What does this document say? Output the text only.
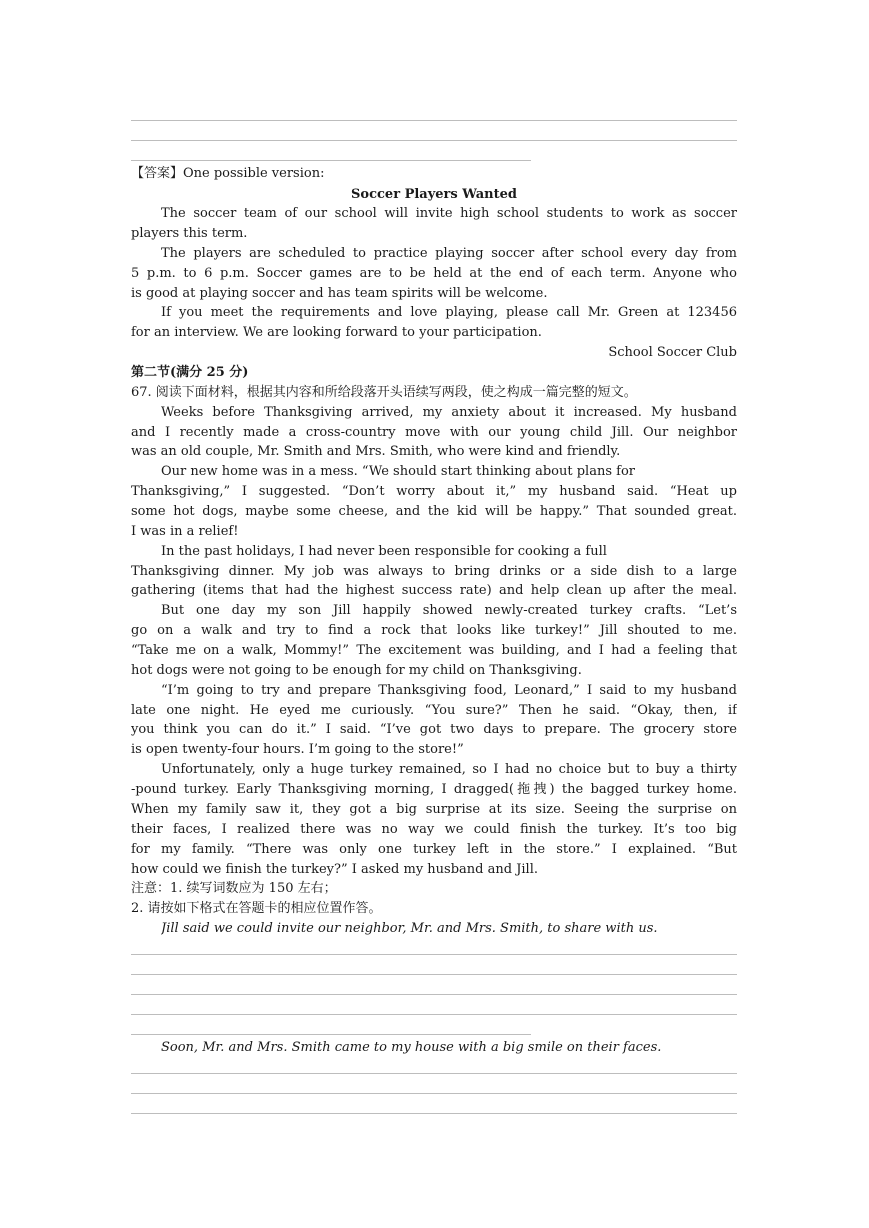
【答案】One possible version:
Soccer Players Wanted
The soccer team of our school will invite high school students to work as soccer
players this term.
The players are scheduled to practice playing soccer after school every day from
5 p.m. to 6 p.m. Soccer games are to be held at the end of each term. Anyone who
is good at playing soccer and has team spirits will be welcome.
If you meet the requirements and love playing, please call Mr. Green at 123456
for an interview. We are looking forward to your participation.
School Soccer Club
第二节(满分 25 分)
67. 阅读下面材料，根据其内容和所给段落开头语续写两段，使之构成一篇完整的短文。
Weeks before Thanksgiving arrived, my anxiety about it increased. My husband
and I recently made a cross-country move with our young child Jill. Our neighbor
was an old couple, Mr. Smith and Mrs. Smith, who were kind and friendly.
Our new home was in a mess. “We should start thinking about plans for
Thanksgiving,” I suggested. “Don’t worry about it,” my husband said. “Heat up
some hot dogs, maybe some cheese, and the kid will be happy.” That sounded great.
I was in a relief!
In the past holidays, I had never been responsible for cooking a full
Thanksgiving dinner. My job was always to bring drinks or a side dish to a large
gathering (items that had the highest success rate) and help clean up after the meal.
But one day my son Jill happily showed newly-created turkey crafts. “Let’s
go on a walk and try to find a rock that looks like turkey!” Jill shouted to me.
“Take me on a walk, Mommy!” The excitement was building, and I had a feeling that
hot dogs were not going to be enough for my child on Thanksgiving.
“I’m going to try and prepare Thanksgiving food, Leonard,” I said to my husband
late one night. He eyed me curiously. “You sure?” Then he said. “Okay, then, if
you think you can do it.” I said. “I’ve got two days to prepare. The grocery store
is open twenty-four hours. I’m going to the store!”
Unfortunately, only a huge turkey remained, so I had no choice but to buy a thirty
-pound turkey. Early Thanksgiving morning, I dragged(拖拽) the bagged turkey home.
When my family saw it, they got a big surprise at its size. Seeing the surprise on
their faces, I realized there was no way we could finish the turkey. It’s too big
for my family. “There was only one turkey left in the store.” I explained. “But
how could we finish the turkey?” I asked my husband and Jill.
注意：1. 续写词数应为 150 左右；
2. 请按如下格式在答题卡的相应位置作答。
Jill said we could invite our neighbor, Mr. and Mrs. Smith, to share with us.
Soon, Mr. and Mrs. Smith came to my house with a big smile on their faces.
